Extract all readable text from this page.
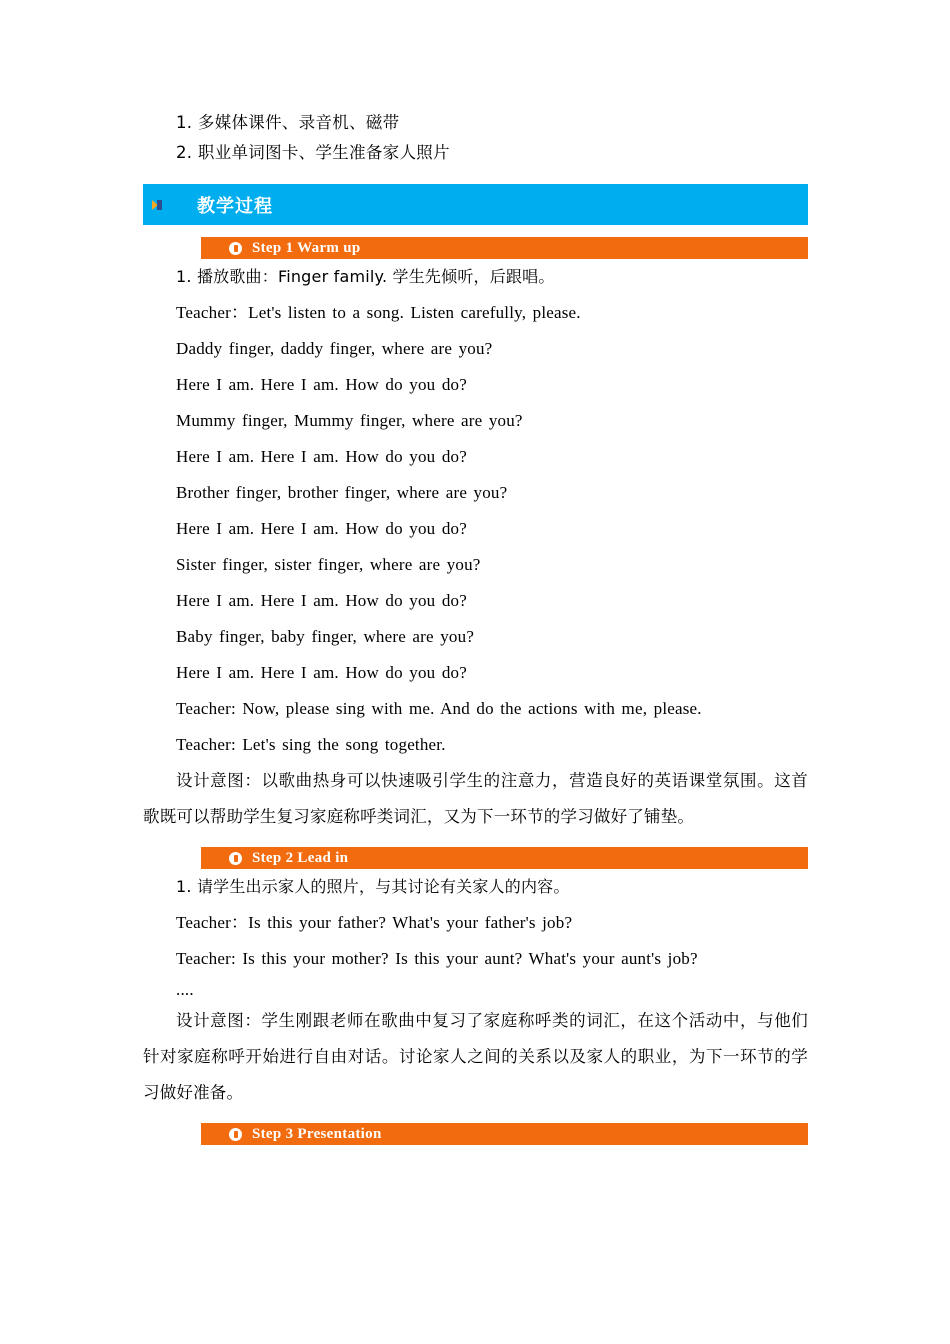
1. 多媒体课件、录音机、磁带
2. 职业单词图卡、学生准备家人照片
教学过程
Step 1 Warm up
1. 播放歌曲：Finger family. 学生先倾听，后跟唱。
Teacher：Let's listen to a song. Listen carefully, please.
Daddy finger, daddy finger, where are you?
Here I am. Here I am. How do you do?
Mummy finger, Mummy finger, where are you?
Here I am. Here I am. How do you do?
Brother finger, brother finger, where are you?
Here I am. Here I am. How do you do?
Sister finger, sister finger, where are you?
Here I am. Here I am. How do you do?
Baby finger, baby finger, where are you?
Here I am. Here I am. How do you do?
Teacher: Now, please sing with me. And do the actions with me, please.
Teacher: Let's sing the song together.
设计意图：以歌曲热身可以快速吸引学生的注意力，营造良好的英语课堂氛围。这首歌既可以帮助学生复习家庭称呼类词汇，又为下一环节的学习做好了铺垫。
Step 2 Lead in
1. 请学生出示家人的照片，与其讨论有关家人的内容。
Teacher：Is this your father? What's your father's job?
Teacher: Is this your mother? Is this your aunt? What's your aunt's job?
....
设计意图：学生刚跟老师在歌曲中复习了家庭称呼类的词汇，在这个活动中，与他们针对家庭称呼开始进行自由对话。讨论家人之间的关系以及家人的职业，为下一环节的学习做好准备。
Step 3 Presentation
